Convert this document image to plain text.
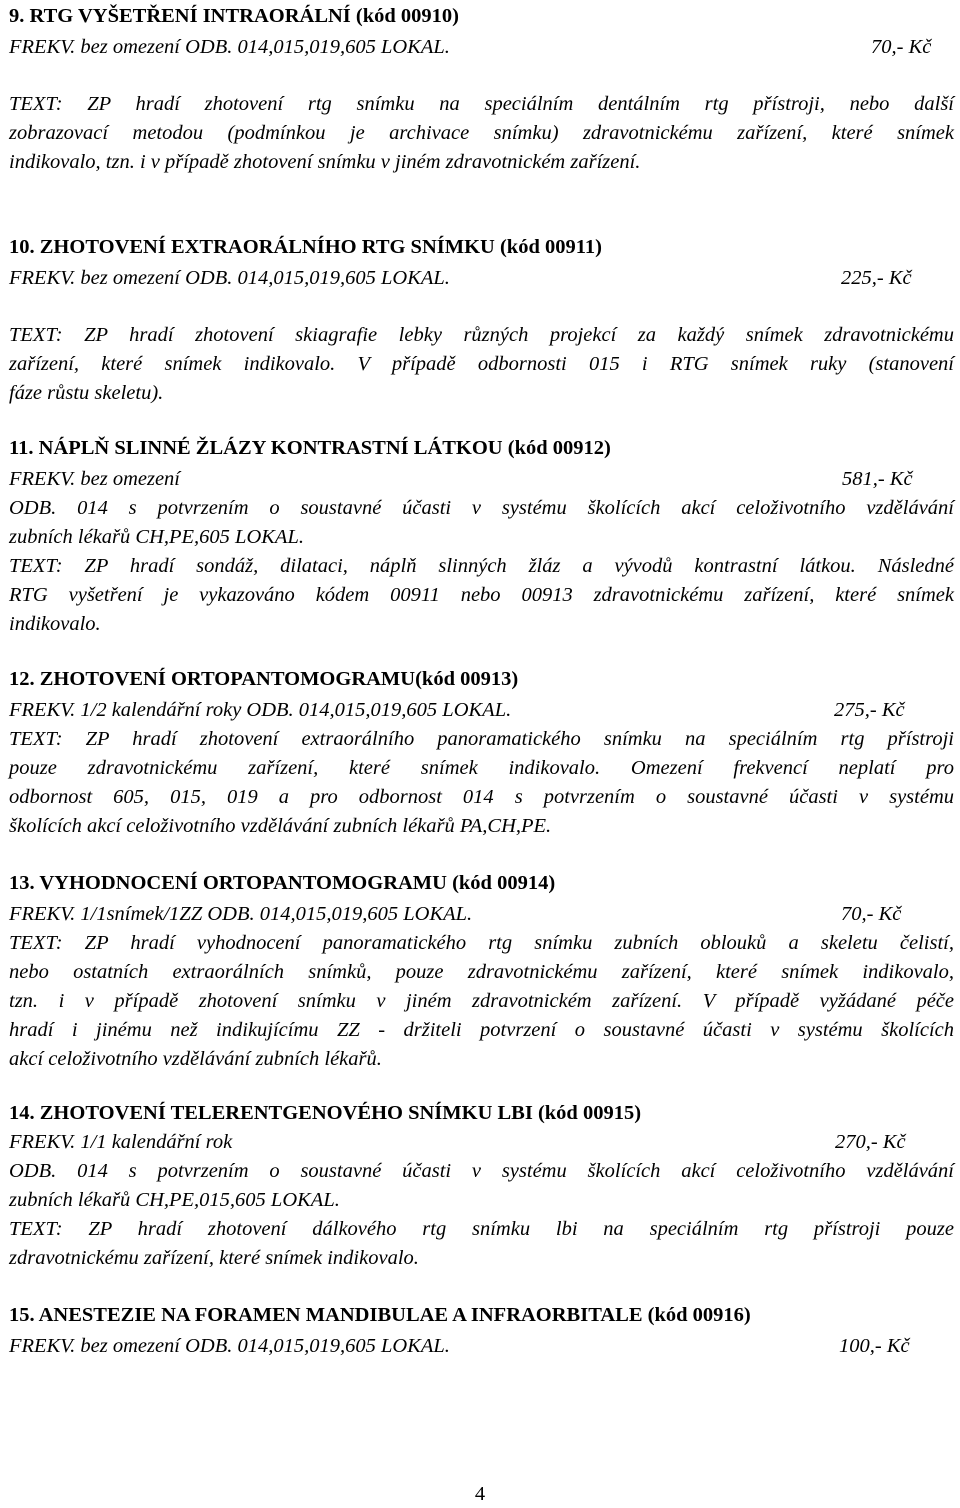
9. RTG VYŠETŘENÍ INTRAORÁLNÍ (kód 00910)
FREKV. bez omezení ODB. 014,015,019,605 LOKAL.	70,- Kč
TEXT: ZP hradí zhotovení rtg snímku na speciálním dentálním rtg přístroji, nebo další
zobrazovací metodou (podmínkou je archivace snímku) zdravotnickému zařízení, které snímek
indikovalo, tzn. i v případě zhotovení snímku v jiném zdravotnickém zařízení.
10. ZHOTOVENÍ EXTRAORÁLNÍHO RTG SNÍMKU (kód 00911)
FREKV. bez omezení ODB. 014,015,019,605 LOKAL.	225,- Kč
TEXT: ZP hradí zhotovení skiagrafie lebky různých projekcí za každý snímek zdravotnickému
zařízení, které snímek indikovalo. V případě odbornosti 015 i RTG snímek ruky (stanovení
fáze růstu skeletu).
11. NÁPLŇ SLINNÉ ŽLÁZY KONTRASTNÍ LÁTKOU (kód 00912)
FREKV. bez omezení	581,- Kč
ODB. 014 s potvrzením o soustavné účasti v systému školících akcí celoživotního vzdělávání
zubních lékařů CH,PE,605 LOKAL.
TEXT: ZP hradí sondáž, dilataci, náplň slinných žláz a vývodů kontrastní látkou. Následné
RTG vyšetření je vykazováno kódem 00911 nebo 00913 zdravotnickému zařízení, které snímek
indikovalo.
12. ZHOTOVENÍ ORTOPANTOMOGRAMU(kód 00913)
FREKV. 1/2 kalendářní roky ODB. 014,015,019,605 LOKAL.	275,- Kč
TEXT: ZP hradí zhotovení extraorálního panoramatického snímku na speciálním rtg přístroji
pouze zdravotnickému zařízení, které snímek indikovalo. Omezení frekvencí neplatí pro
odbornost 605, 015, 019 a pro odbornost 014 s potvrzením o soustavné účasti v systému
školících akcí celoživotního vzdělávání zubních lékařů PA,CH,PE.
13. VYHODNOCENÍ ORTOPANTOMOGRAMU (kód 00914)
FREKV. 1/1snímek/1ZZ ODB. 014,015,019,605 LOKAL.	70,- Kč
TEXT: ZP hradí vyhodnocení panoramatického rtg snímku zubních oblouků a skeletu čelistí,
nebo ostatních extraorálních snímků, pouze zdravotnickému zařízení, které snímek indikovalo,
tzn. i v případě zhotovení snímku v jiném zdravotnickém zařízení. V případě vyžádané péče
hradí i jinému než indikujícímu ZZ - držiteli potvrzení o soustavné účasti v systému školících
akcí celoživotního vzdělávání zubních lékařů.
14. ZHOTOVENÍ TELERENTGENOVÉHO SNÍMKU LBI (kód 00915)
FREKV. 1/1 kalendářní rok	270,- Kč
ODB. 014 s potvrzením o soustavné účasti v systému školících akcí celoživotního vzdělávání
zubních lékařů CH,PE,015,605 LOKAL.
TEXT: ZP hradí zhotovení dálkového rtg snímku lbi na speciálním rtg přístroji pouze
zdravotnickému zařízení, které snímek indikovalo.
15. ANESTEZIE NA FORAMEN MANDIBULAE A INFRAORBITALE (kód 00916)
FREKV. bez omezení ODB. 014,015,019,605 LOKAL.	100,- Kč
4
